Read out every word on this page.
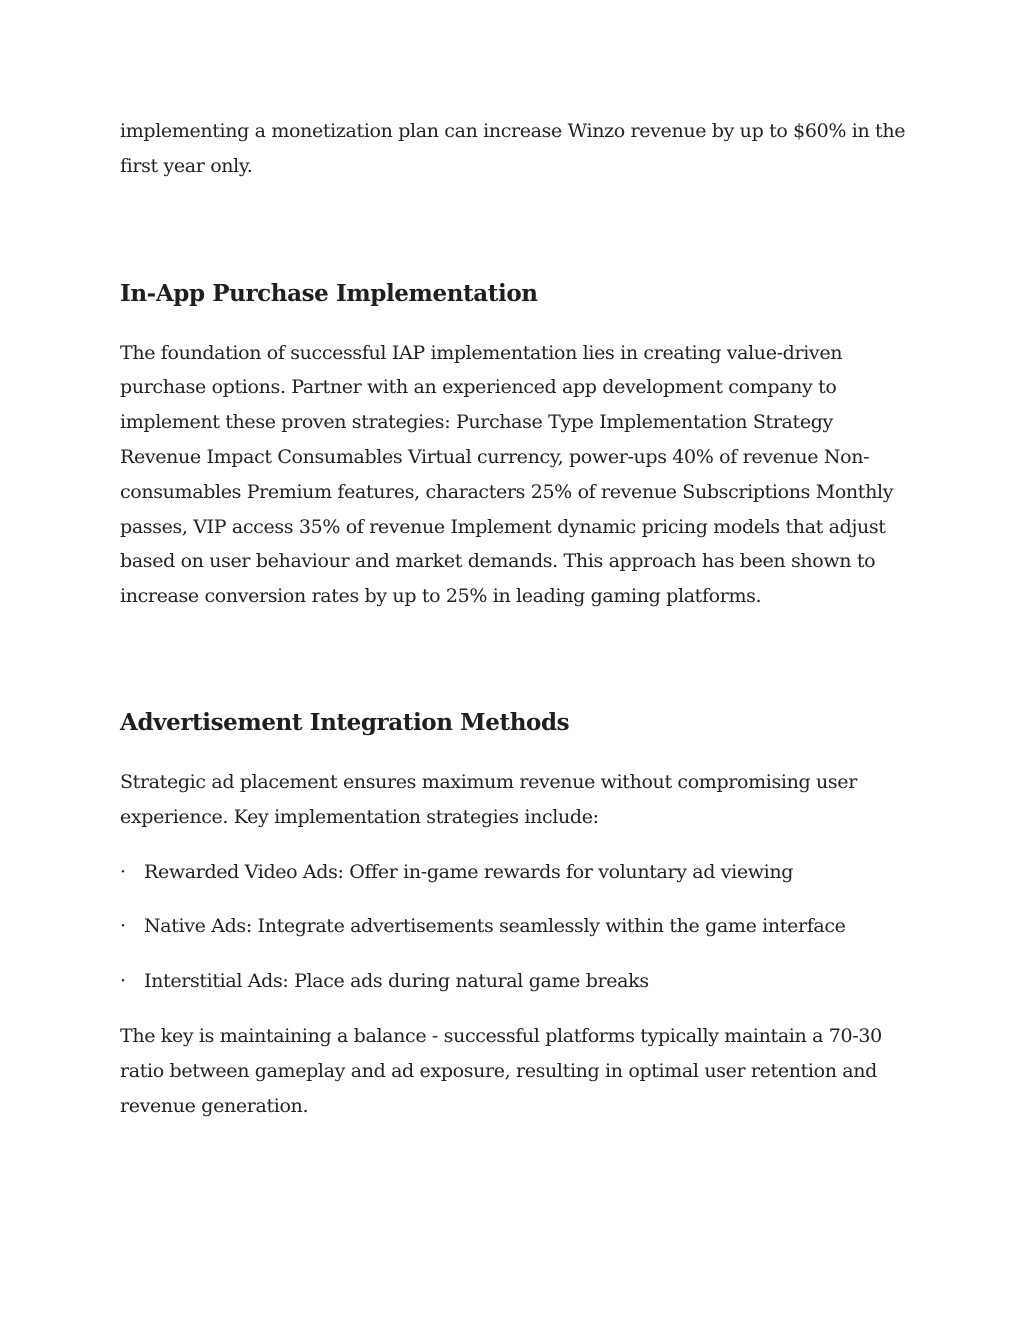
implementing a monetization plan can increase Winzo revenue by up to $60% in the first year only.

In-App Purchase Implementation

The foundation of successful IAP implementation lies in creating value-driven purchase options. Partner with an experienced app development company to implement these proven strategies: Purchase Type Implementation Strategy Revenue Impact Consumables Virtual currency, power-ups 40% of revenue Non-consumables Premium features, characters 25% of revenue Subscriptions Monthly passes, VIP access 35% of revenue Implement dynamic pricing models that adjust based on user behaviour and market demands. This approach has been shown to increase conversion rates by up to 25% in leading gaming platforms.

Advertisement Integration Methods

Strategic ad placement ensures maximum revenue without compromising user experience. Key implementation strategies include:

· Rewarded Video Ads: Offer in-game rewards for voluntary ad viewing
· Native Ads: Integrate advertisements seamlessly within the game interface
· Interstitial Ads: Place ads during natural game breaks

The key is maintaining a balance - successful platforms typically maintain a 70-30 ratio between gameplay and ad exposure, resulting in optimal user retention and revenue generation.
